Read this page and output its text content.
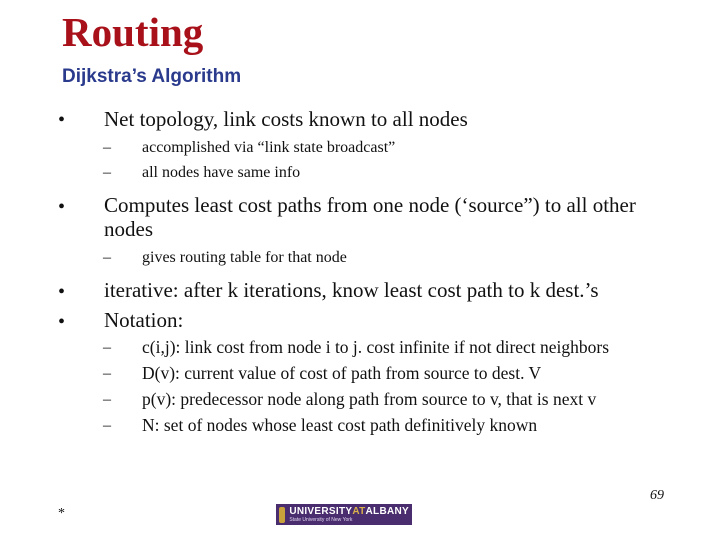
Routing
Dijkstra’s Algorithm
• Net topology, link costs known to all nodes
– accomplished via “link state broadcast”
– all nodes have same info
• Computes least cost paths from one node (‘source”) to all other nodes
– gives routing table for that node
• iterative: after k iterations, know least cost path to k dest.’s
• Notation:
– c(i,j): link cost from node i to j. cost infinite if not direct neighbors
– D(v): current value of cost of path from source to dest. V
– p(v): predecessor node along path from source to v, that is next v
– N: set of nodes whose least cost path definitively known
69
*	UNIVERSITYATALBANY
State University of New York
